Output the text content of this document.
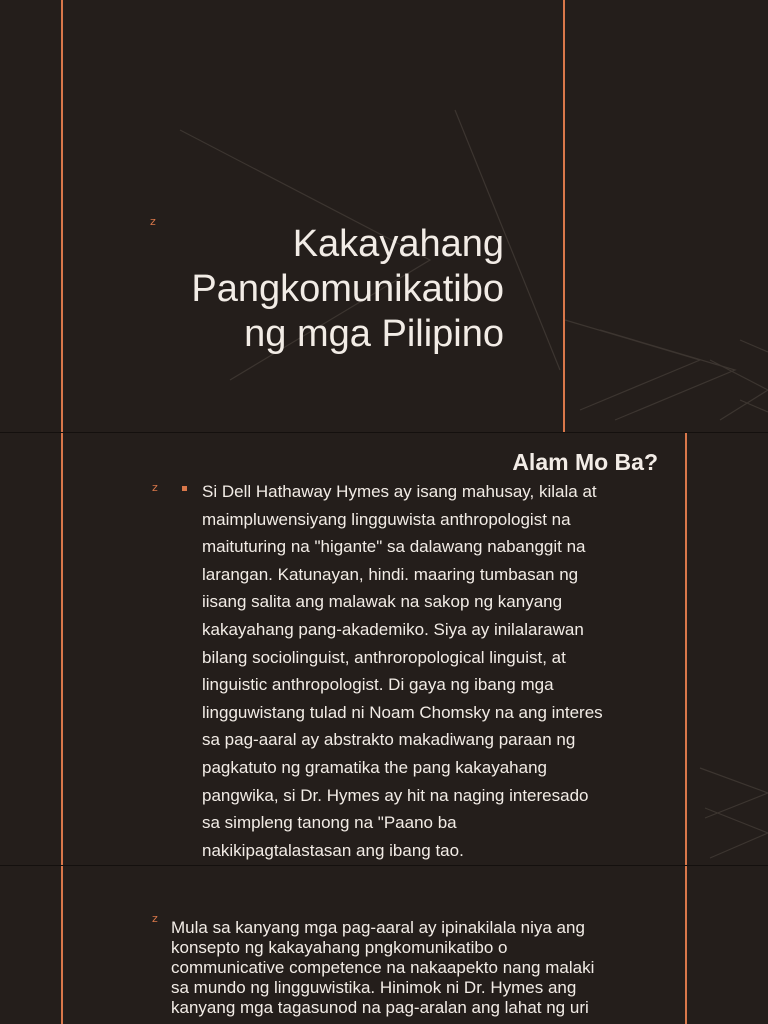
z
Kakayahang
Pangkomunikatibo
ng mga Pilipino
Alam Mo Ba?
z	Si Dell Hathaway Hymes ay isang mahusay, kilala at
maimpluwensiyang lingguwista anthropologist na
maituturing na "higante" sa dalawang nabanggit na
larangan. Katunayan, hindi. maaring tumbasan ng
iisang salita ang malawak na sakop ng kanyang
kakayahang pang-akademiko. Siya ay inilalarawan
bilang sociolinguist, anthroropological linguist, at
linguistic anthropologist. Di gaya ng ibang mga
lingguwistang tulad ni Noam Chomsky na ang interes
sa pag-aaral ay abstrakto makadiwang paraan ng
pagkatuto ng gramatika the pang kakayahang
pangwika, si Dr. Hymes ay hit na naging interesado
sa simpleng tanong na "Paano ba
nakikipagtalastasan ang ibang tao.

z Mula sa kanyang mga pag-aaral ay ipinakilala niya ang
konsepto ng kakayahang pngkomunikatibo o
communicative competence na nakaapekto nang malaki
sa mundo ng lingguwistika. Hinimok ni Dr. Hymes ang
kanyang mga tagasunod na pag-aralan ang lahat ng uri
